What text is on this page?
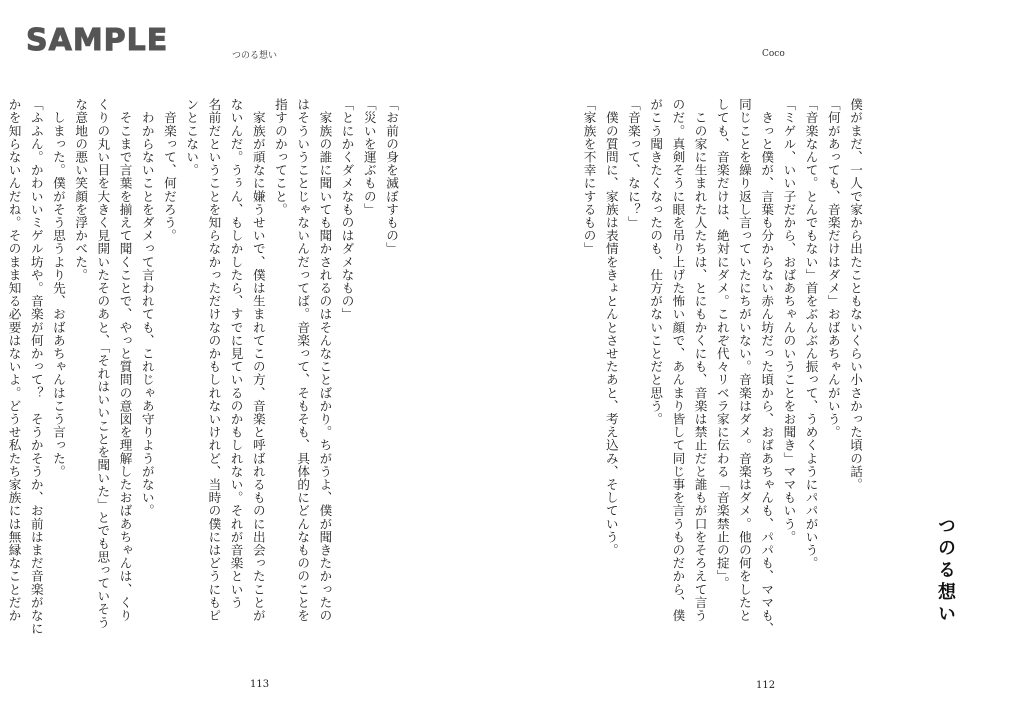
SAMPLE	つのる想い

「お前の身を滅ぼすもの」

「災いを運ぶもの」

「とにかくダメなものはダメなもの」

　家族の誰に聞いても聞かされるのはそんなことばかり。ちがうよ、僕が聞きたかったの

はそういうことじゃないんだってば。音楽って、そもそも、具体的にどんなもののことを

指すのかってこと。

　家族が頑なに嫌うせいで、僕は生まれてこの方、音楽と呼ばれるものに出会ったことが

ないんだ。うぅん、もしかしたら、すでに見ているのかもしれない。それが音楽という

名前だということを知らなかっただけなのかもしれないけれど、当時の僕にはどうにもピ

ンとこない。

　音楽って、何だろう。

　わからないことをダメって言われても、これじゃあ守りようがない。

　そこまで言葉を揃えて聞くことで、やっと質問の意図を理解したおばあちゃんは、くり

くりの丸い目を大きく見開いたそのあと、「それはいいことを聞いた」とでも思っていそう

な意地の悪い笑顔を浮かべた。

　しまった。僕がそう思うより先、おばあちゃんはこう言った。

「ふふん。かわいいミゲル坊や。音楽が何かって？　そうかそうか、お前はまだ音楽がなに

かを知らないんだね。そのまま知る必要はないよ。どうせ私たち家族には無縁なことだか

113
Coco

僕がまだ、一人で家から出たこともないくらい小さかった頃の話。

「何があっても、音楽だけはダメ」おばあちゃんがいう。

「音楽なんて。とんでもない」首をぶんぶん振って、うめくようにパパがいう。

「ミゲル、いい子だから、おばあちゃんのいうことをお聞き」ママもいう。

　きっと僕が、言葉も分からない赤ん坊だった頃から、おばあちゃんも、パパも、ママも、

同じことを繰り返し言っていたにちがいない。音楽はダメ。音楽はダメ。他の何をしたと

しても、音楽だけは、絶対にダメ。これぞ代々リベラ家に伝わる「音楽禁止の掟」。

　この家に生まれた人たちは、とにもかくにも、音楽は禁止だと誰もが口をそろえて言う

のだ。真剣そうに眼を吊り上げた怖い顔で、あんまり皆して同じ事を言うものだから、僕

がこう聞きたくなったのも、仕方がないことだと思う。

「音楽って、なに？」

　僕の質問に、家族は表情をきょとんとさせたあと、考え込み、そしていう。

「家族を不幸にするもの」

つのる想い
112
